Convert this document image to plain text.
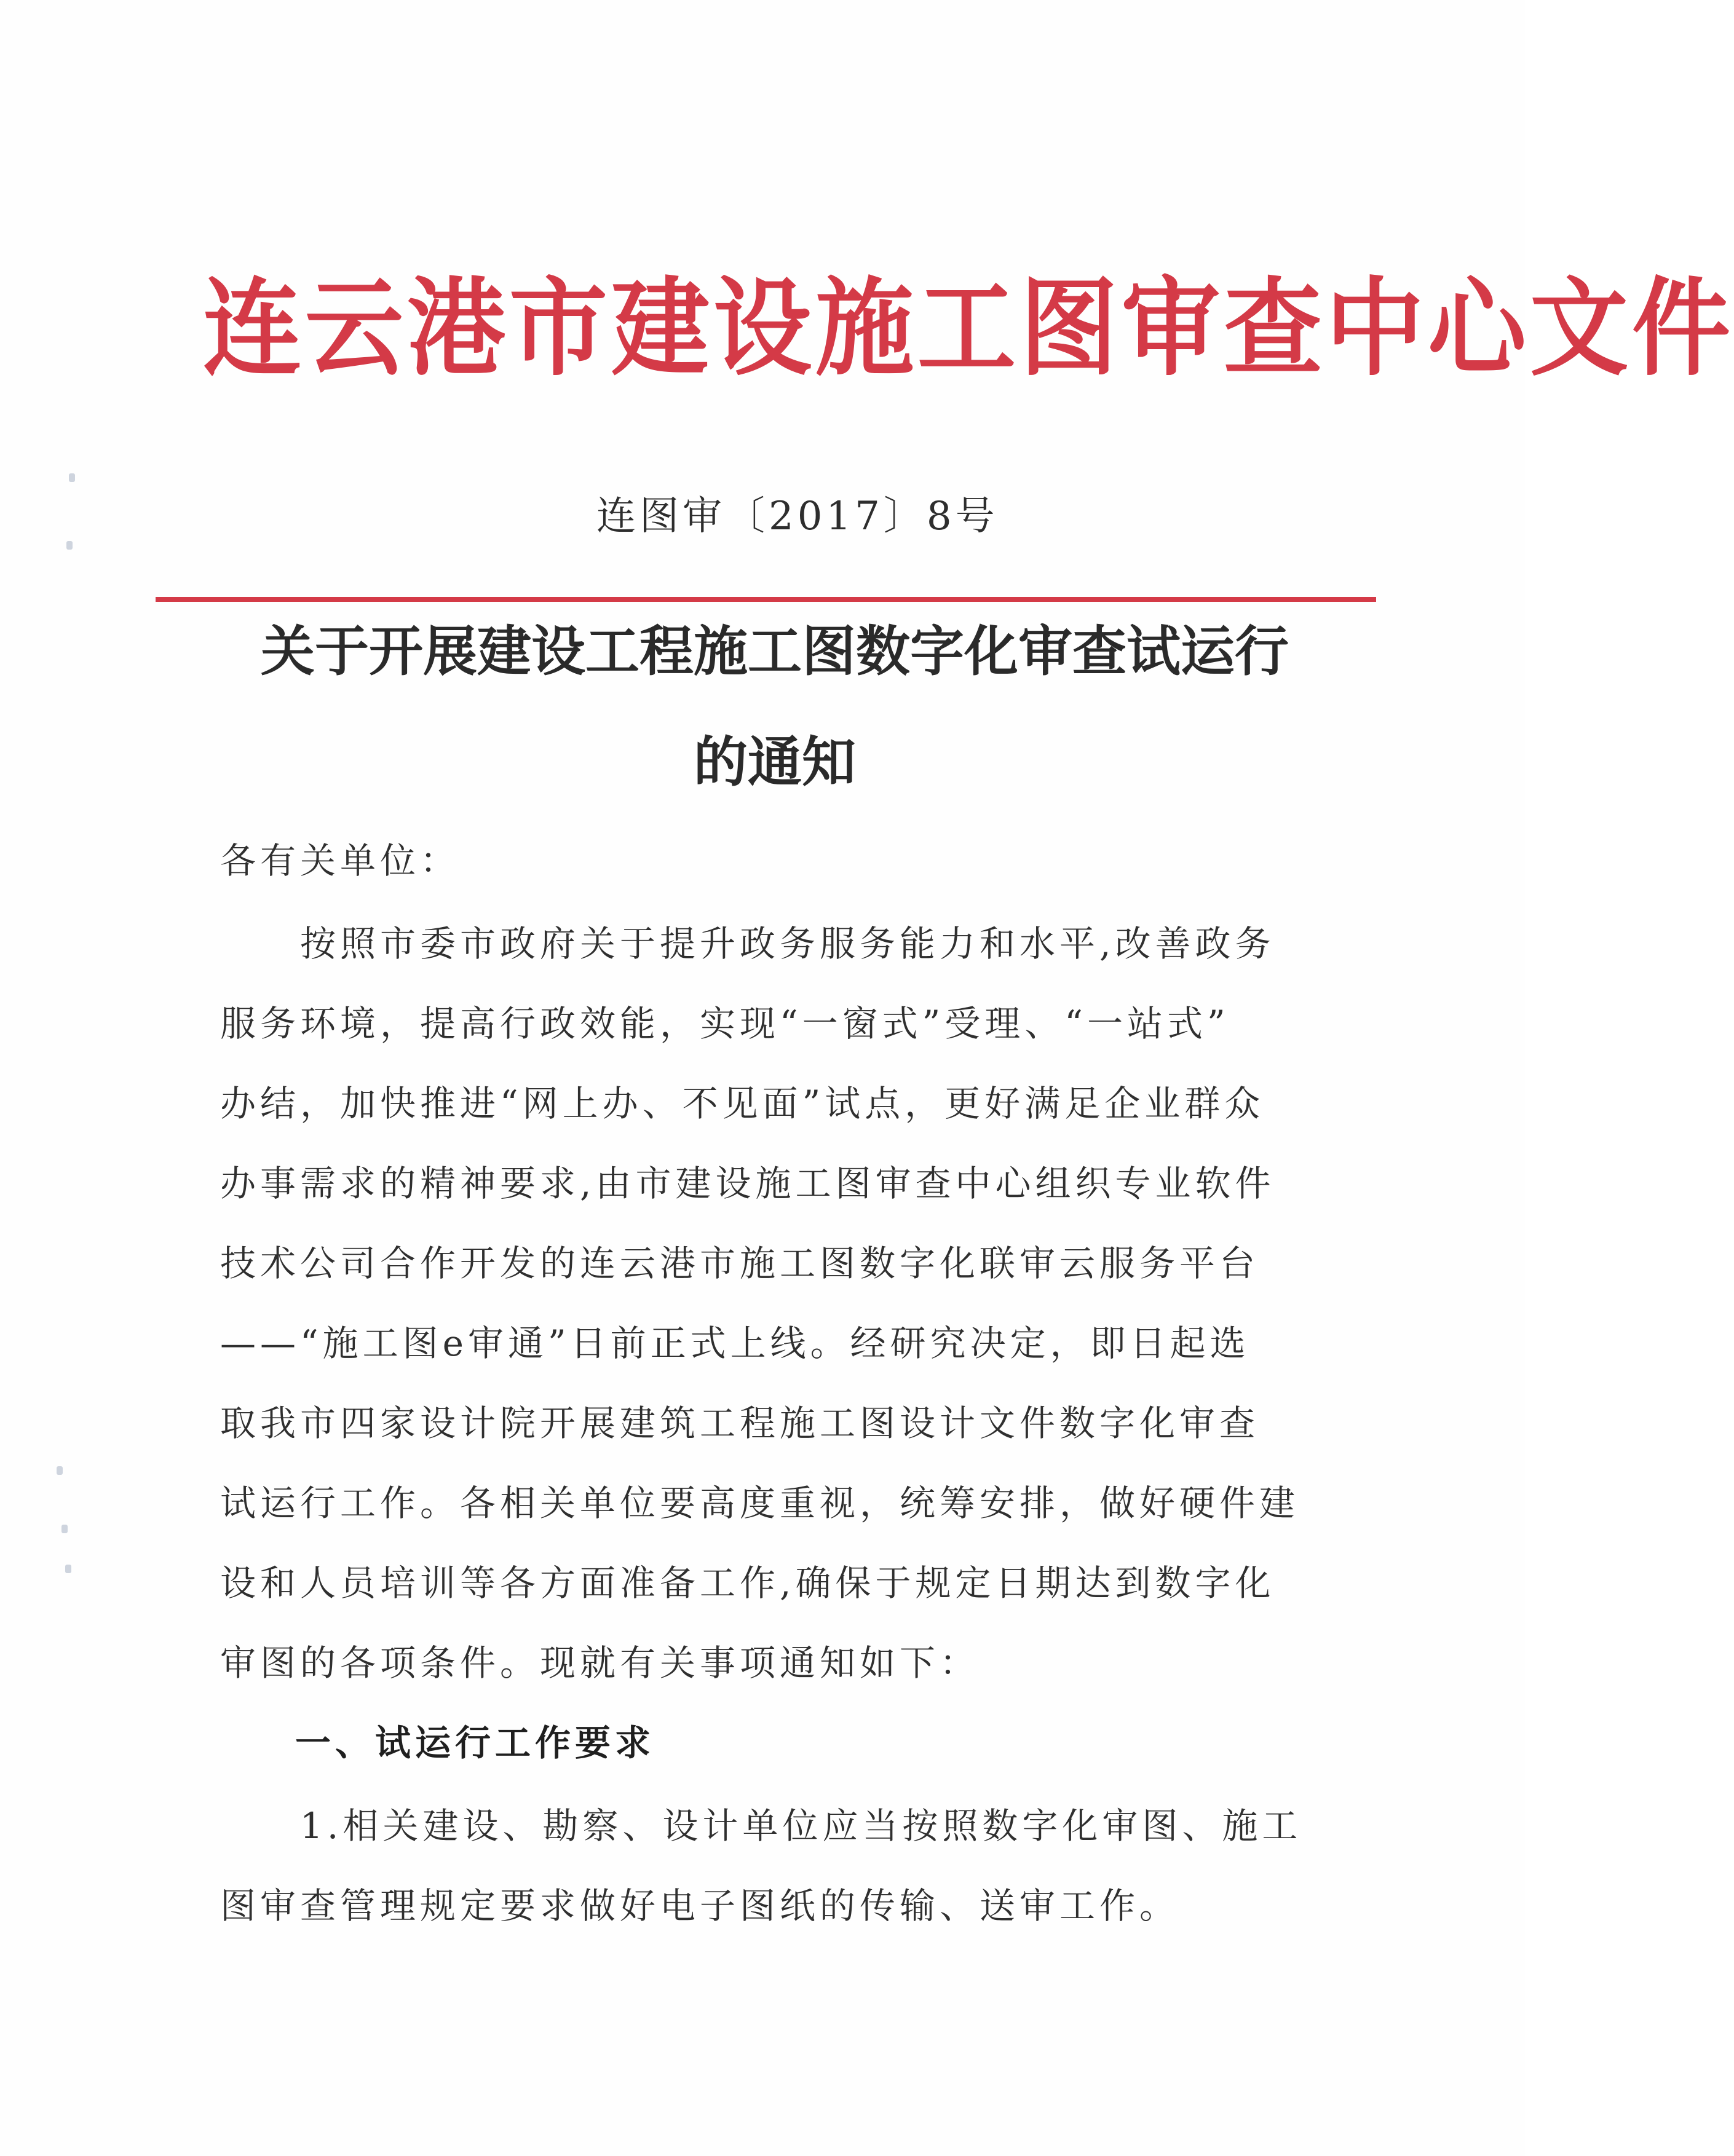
连云港市建设施工图审查中心文件
连图审〔2017〕8号
关于开展建设工程施工图数字化审查试运行
的通知
各有关单位：
　　按照市委市政府关于提升政务服务能力和水平,改善政务
服务环境，提高行政效能，实现“一窗式”受理、“一站式”
办结，加快推进“网上办、不见面”试点，更好满足企业群众
办事需求的精神要求,由市建设施工图审查中心组织专业软件
技术公司合作开发的连云港市施工图数字化联审云服务平台
——“施工图e审通”日前正式上线。经研究决定，即日起选
取我市四家设计院开展建筑工程施工图设计文件数字化审查
试运行工作。各相关单位要高度重视，统筹安排，做好硬件建
设和人员培训等各方面准备工作,确保于规定日期达到数字化
审图的各项条件。现就有关事项通知如下：
一、试运行工作要求
　　1.相关建设、勘察、设计单位应当按照数字化审图、施工
图审查管理规定要求做好电子图纸的传输、送审工作。
